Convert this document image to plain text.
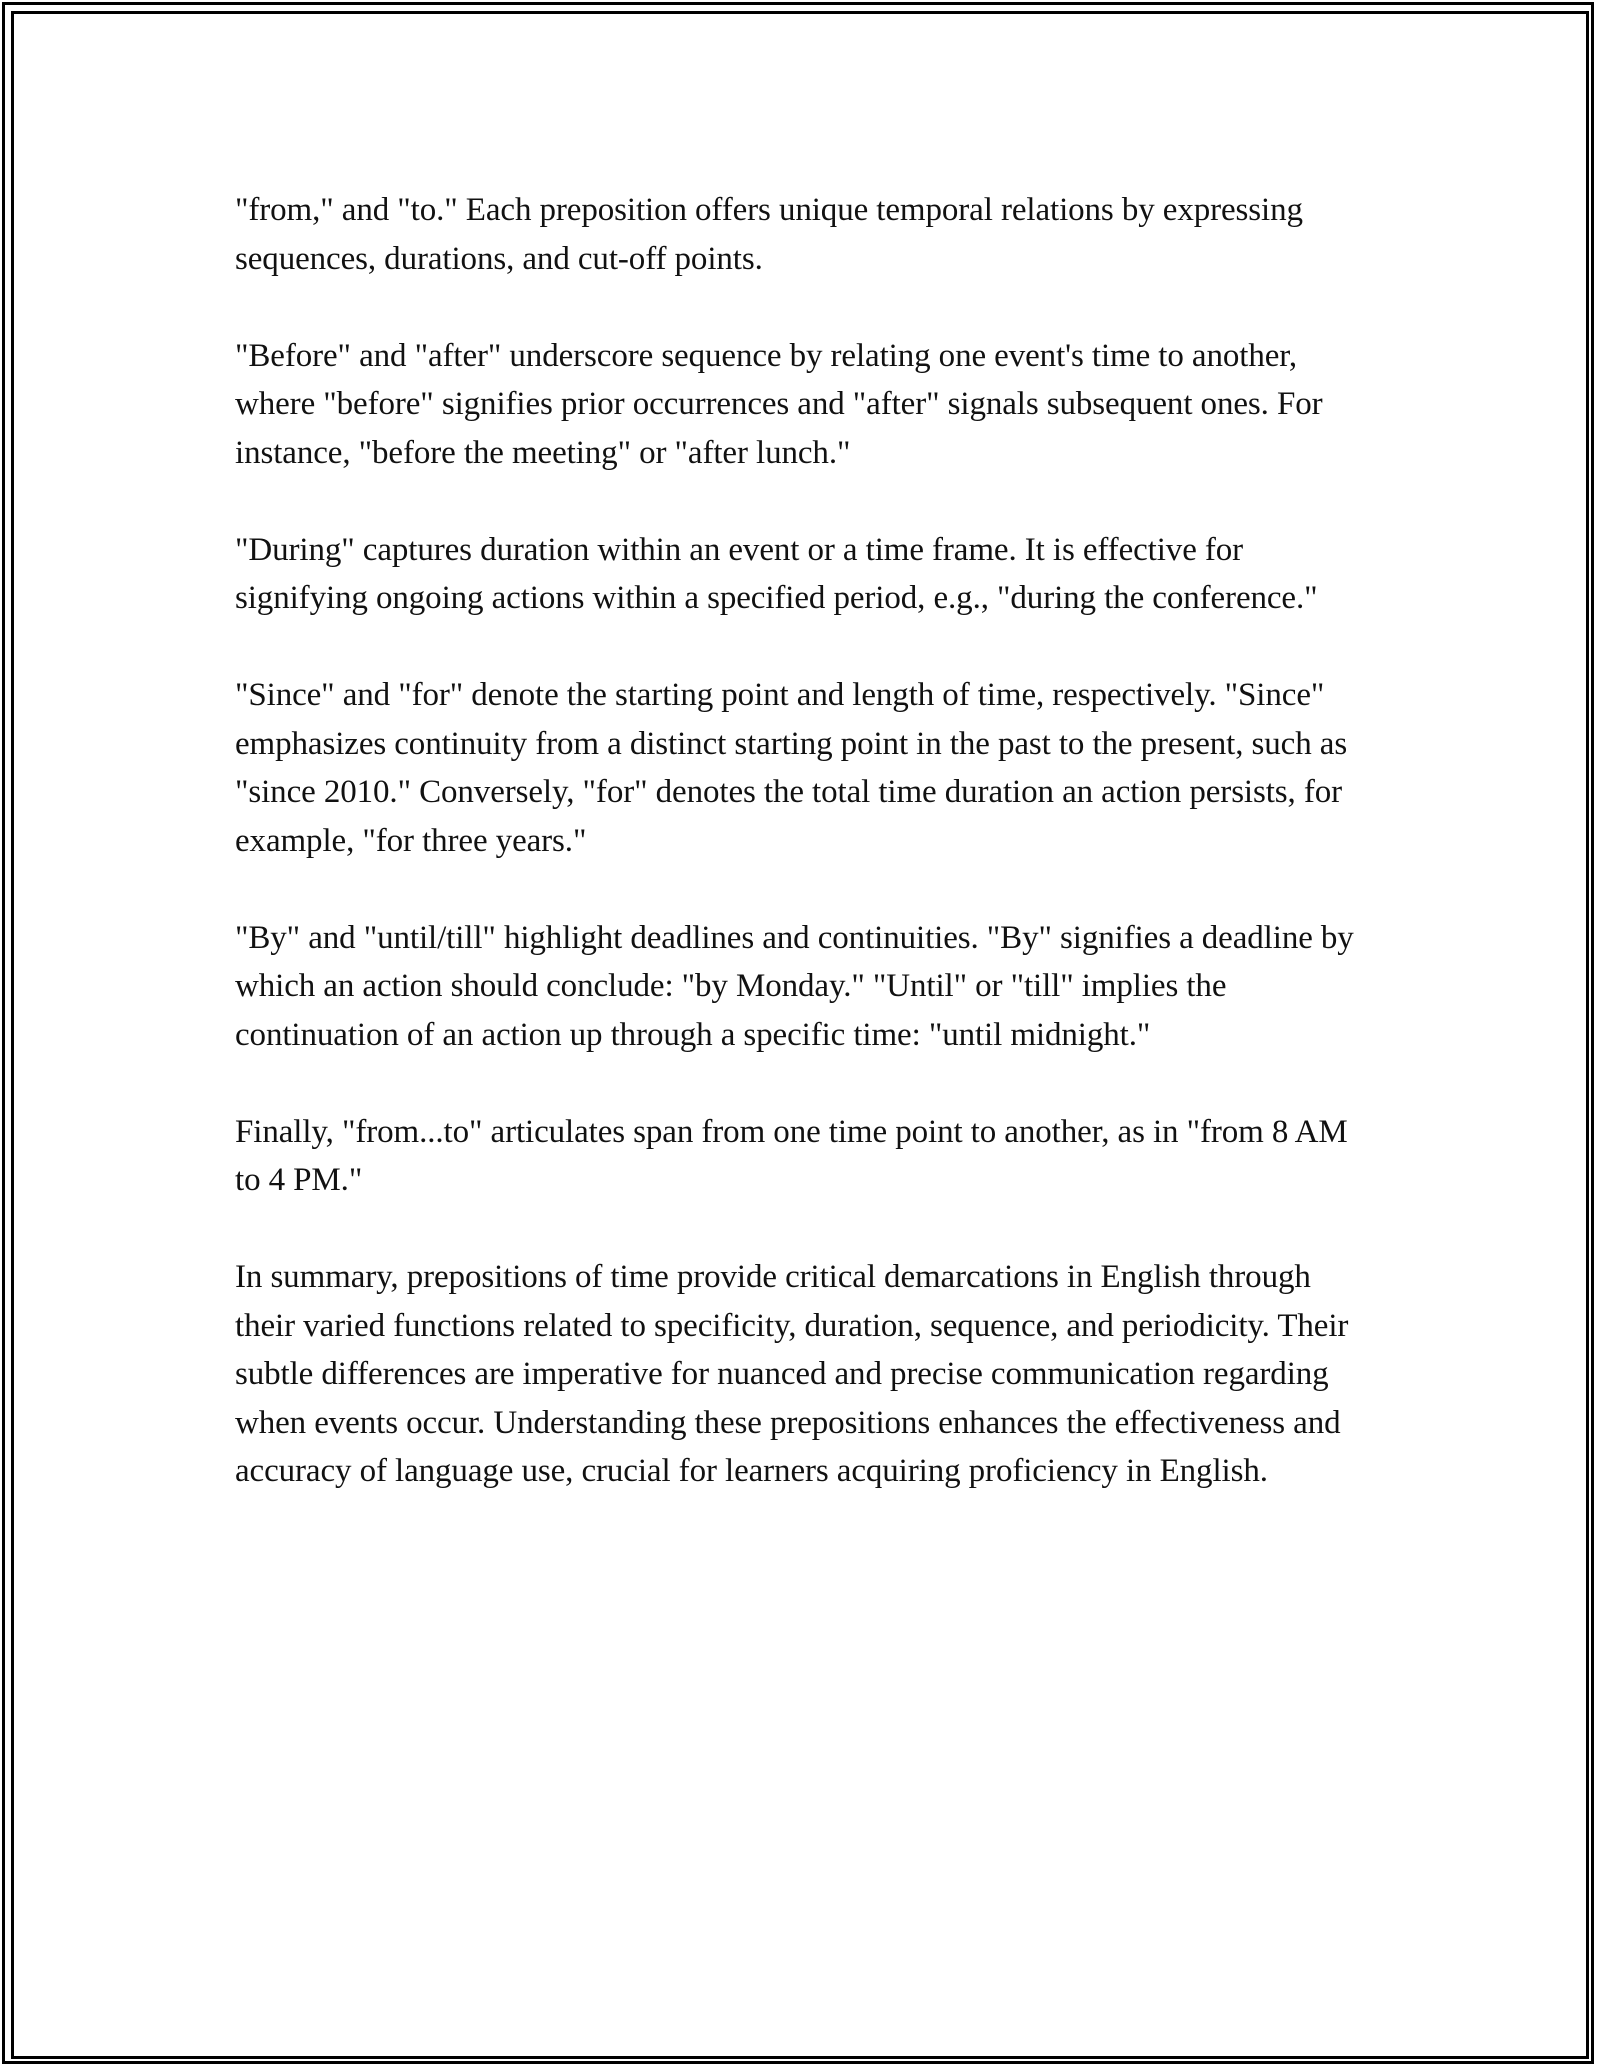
"from," and "to." Each preposition offers unique temporal relations by expressing sequences, durations, and cut-off points.

"Before" and "after" underscore sequence by relating one event's time to another, where "before" signifies prior occurrences and "after" signals subsequent ones. For instance, "before the meeting" or "after lunch."

"During" captures duration within an event or a time frame. It is effective for signifying ongoing actions within a specified period, e.g., "during the conference."

"Since" and "for" denote the starting point and length of time, respectively. "Since" emphasizes continuity from a distinct starting point in the past to the present, such as "since 2010." Conversely, "for" denotes the total time duration an action persists, for example, "for three years."

"By" and "until/till" highlight deadlines and continuities. "By" signifies a deadline by which an action should conclude: "by Monday." "Until" or "till" implies the continuation of an action up through a specific time: "until midnight."

Finally, "from...to" articulates span from one time point to another, as in "from 8 AM to 4 PM."

In summary, prepositions of time provide critical demarcations in English through their varied functions related to specificity, duration, sequence, and periodicity. Their subtle differences are imperative for nuanced and precise communication regarding when events occur. Understanding these prepositions enhances the effectiveness and accuracy of language use, crucial for learners acquiring proficiency in English.
